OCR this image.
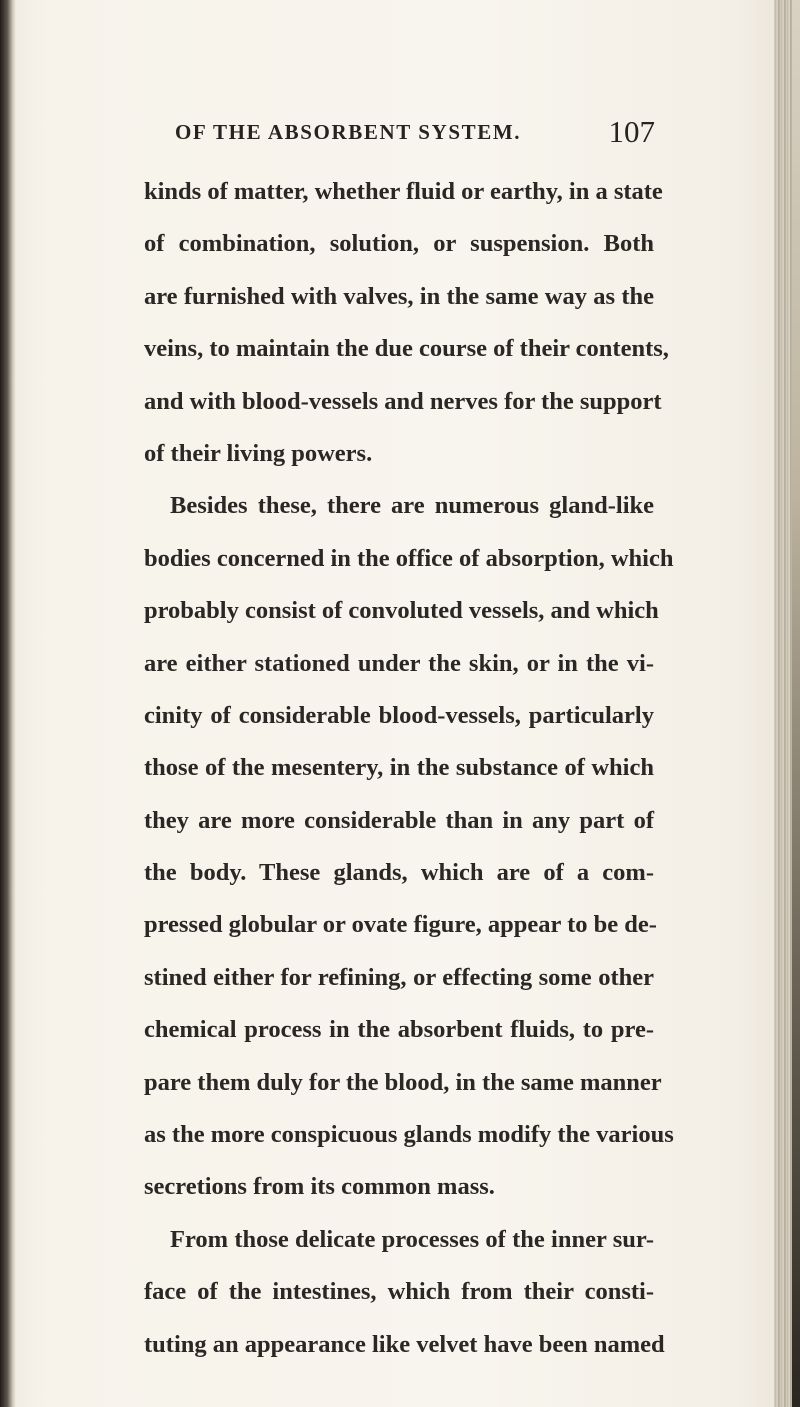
OF THE ABSORBENT SYSTEM.	107
kinds of matter, whether fluid or earthy, in a state
of combination, solution, or suspension. Both
are furnished with valves, in the same way as the
veins, to maintain the due course of their contents,
and with blood-vessels and nerves for the support
of their living powers.
Besides these, there are numerous gland-like
bodies concerned in the office of absorption, which
probably consist of convoluted vessels, and which
are either stationed under the skin, or in the vi-
cinity of considerable blood-vessels, particularly
those of the mesentery, in the substance of which
they are more considerable than in any part of
the body. These glands, which are of a com-
pressed globular or ovate figure, appear to be de-
stined either for refining, or effecting some other
chemical process in the absorbent fluids, to pre-
pare them duly for the blood, in the same manner
as the more conspicuous glands modify the various
secretions from its common mass.
From those delicate processes of the inner sur-
face of the intestines, which from their consti-
tuting an appearance like velvet have been named
